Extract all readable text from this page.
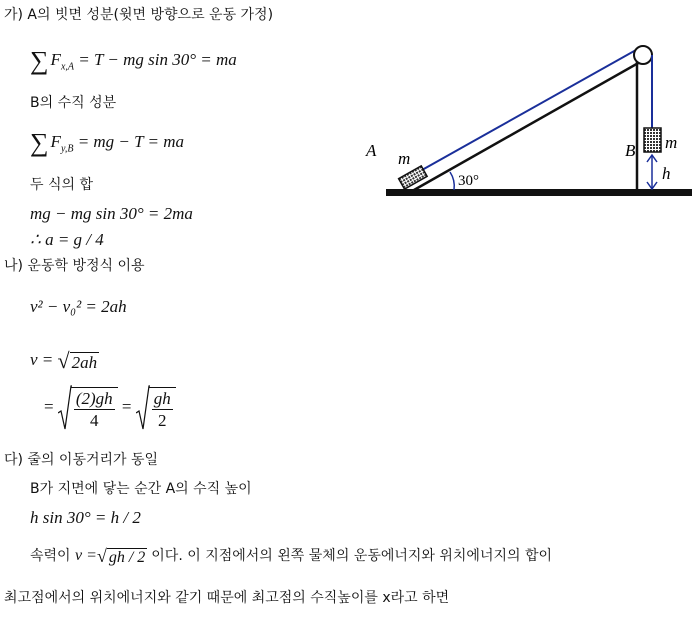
가) A의 빗면 성분(윗면 방향으로 운동 가정)
∑ $F_{x,A} = T$ − mg sin 30° = ma
B의 수직 성분
∑ $F_{y,B}$ = mg − T = ma
두 식의 합
mg − mg sin 30° = 2ma
∴ a = g / 4
나) 운동학 방정식 이용
v² − v₀² = 2ah
v = √ 2ah
= $\frac{(2)gh}{4} = \frac{gh}{2}$
다) 줄의 이동거리가 동일
B가 지면에 닿는 순간 A의 수직 높이
h sin 30° = h / 2
속력이 v =√ gh / 2 이다. 이 지점에서의 왼쪽 물체의 운동에너지와 위치에너지의 합이
최고점에서의 위치에너지와 같기 때문에 최고점의 수직높이를 x라고 하면
A m
30°
B m
h
